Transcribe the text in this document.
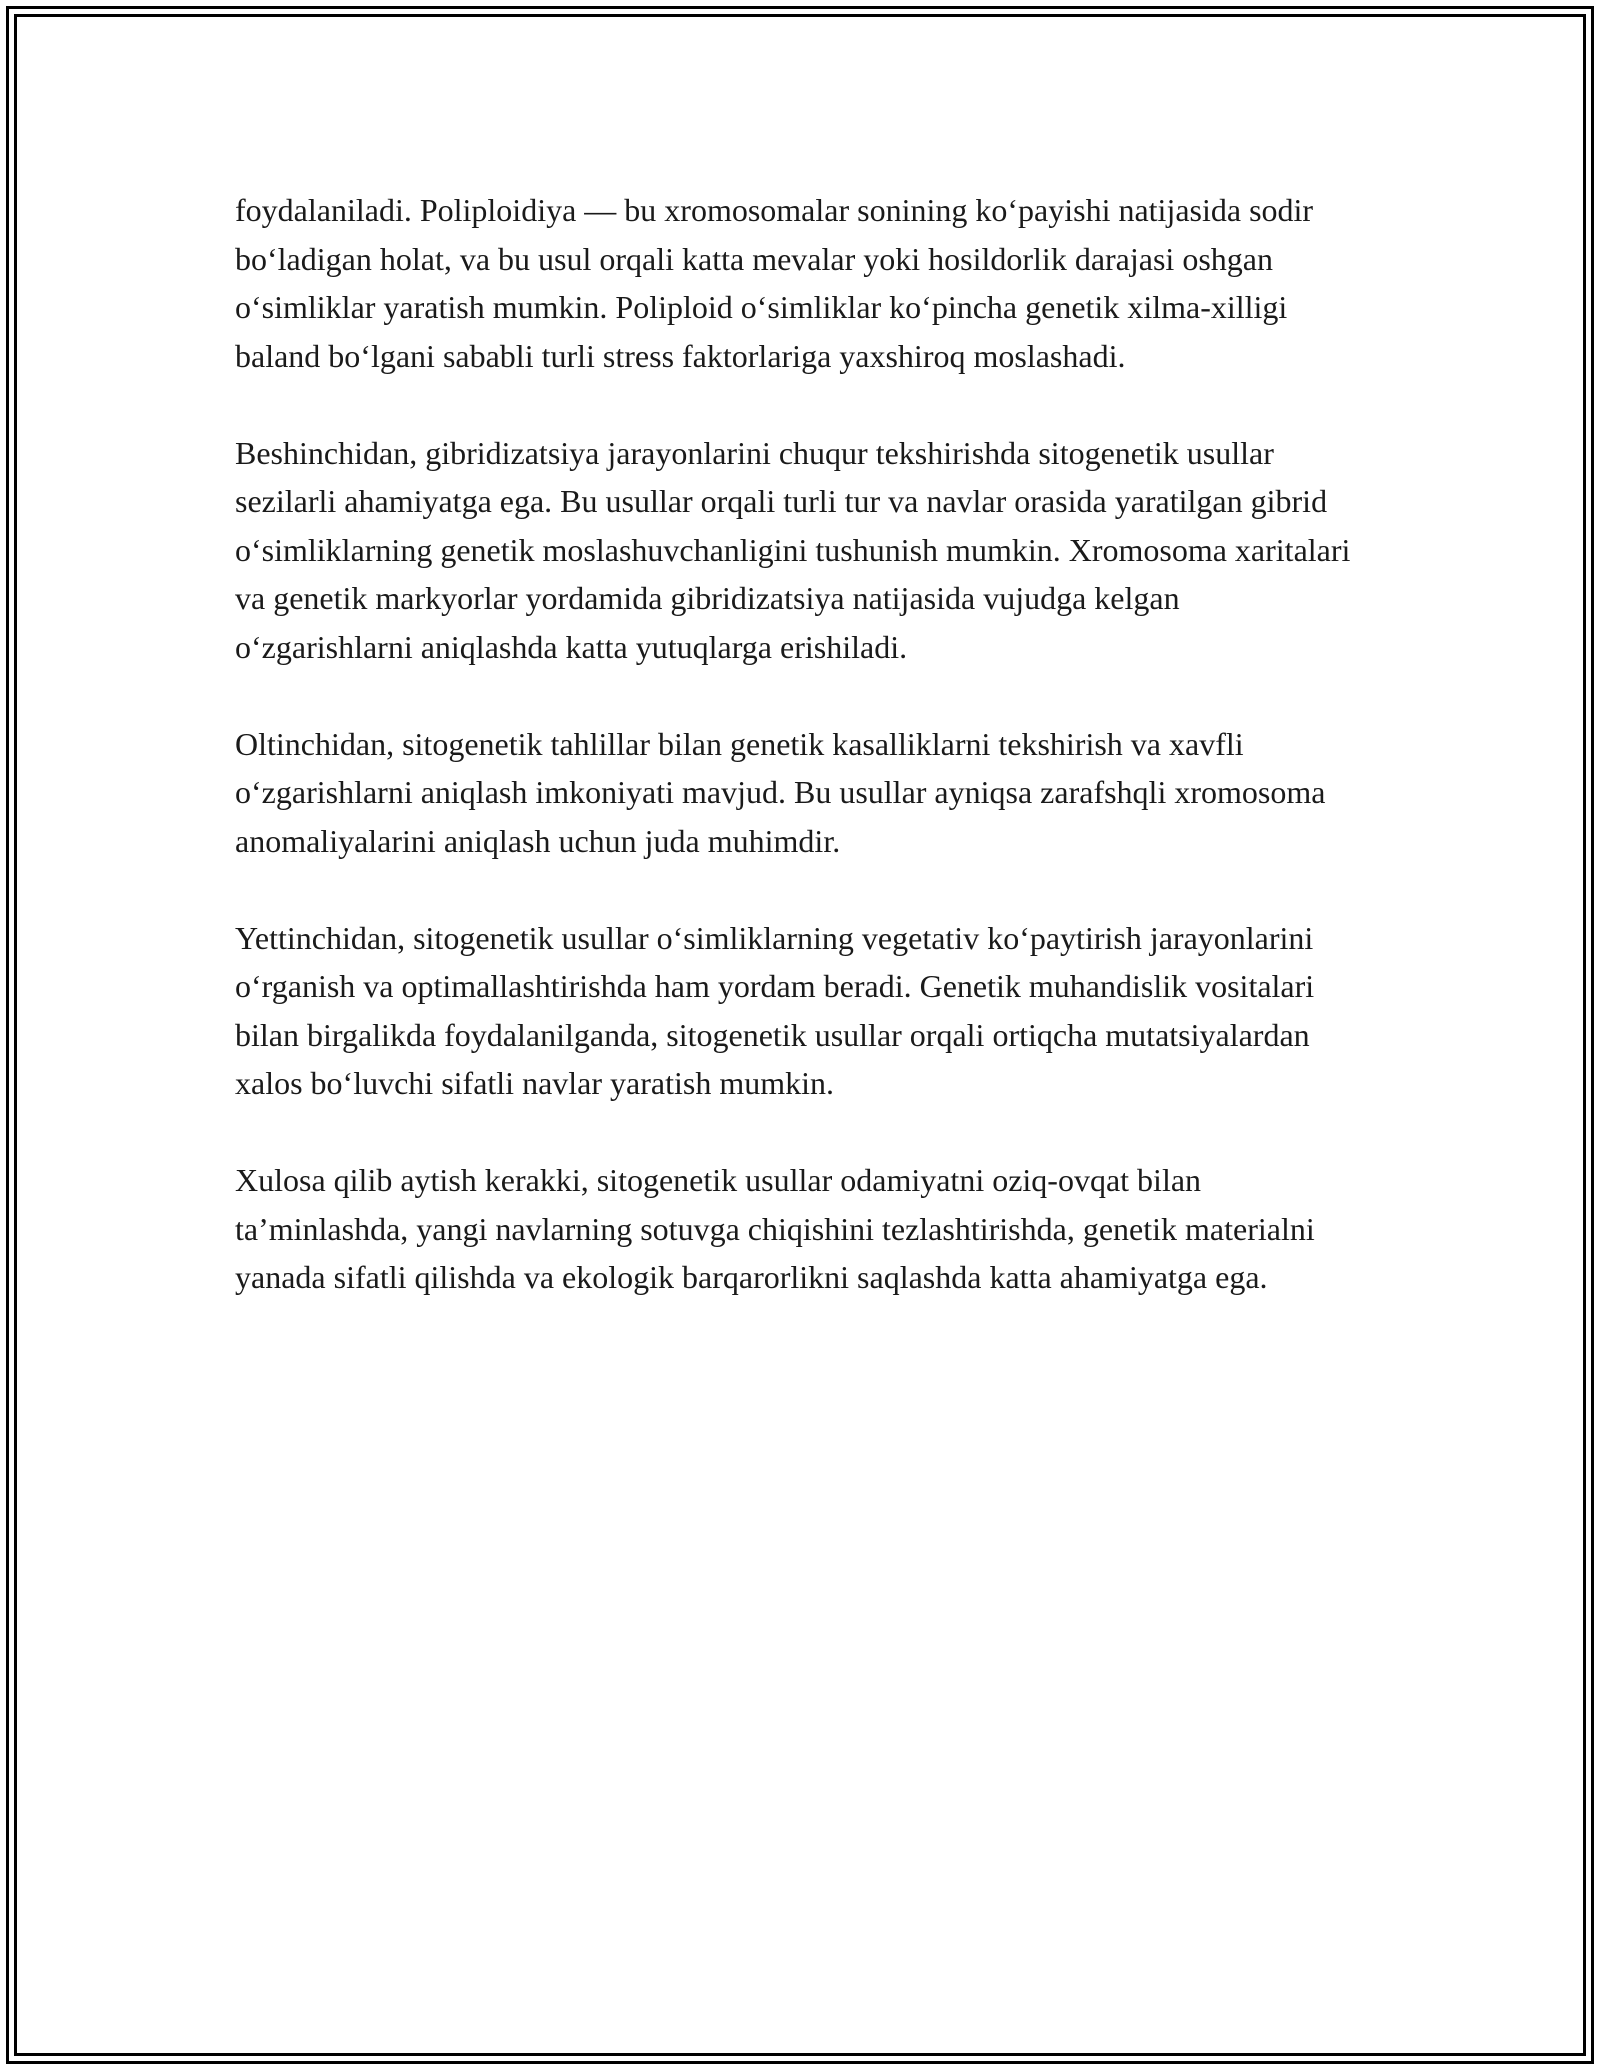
foydalaniladi. Poliploidiya — bu xromosomalar sonining ko‘payishi natijasida sodir bo‘ladigan holat, va bu usul orqali katta mevalar yoki hosildorlik darajasi oshgan o‘simliklar yaratish mumkin. Poliploid o‘simliklar ko‘pincha genetik xilma-xilligi baland bo‘lgani sababli turli stress faktorlariga yaxshiroq moslashadi.

Beshinchidan, gibridizatsiya jarayonlarini chuqur tekshirishda sitogenetik usullar sezilarli ahamiyatga ega. Bu usullar orqali turli tur va navlar orasida yaratilgan gibrid o‘simliklarning genetik moslashuvchanligini tushunish mumkin. Xromosoma xaritalari va genetik markyorlar yordamida gibridizatsiya natijasida vujudga kelgan o‘zgarishlarni aniqlashda katta yutuqlarga erishiladi.

Oltinchidan, sitogenetik tahlillar bilan genetik kasalliklarni tekshirish va xavfli o‘zgarishlarni aniqlash imkoniyati mavjud. Bu usullar ayniqsa zarafshqli xromosoma anomaliyalarini aniqlash uchun juda muhimdir.

Yettinchidan, sitogenetik usullar o‘simliklarning vegetativ ko‘paytirish jarayonlarini o‘rganish va optimallashtirishda ham yordam beradi. Genetik muhandislik vositalari bilan birgalikda foydalanilganda, sitogenetik usullar orqali ortiqcha mutatsiyalardan xalos bo‘luvchi sifatli navlar yaratish mumkin.

Xulosa qilib aytish kerakki, sitogenetik usullar odamiyatni oziq-ovqat bilan ta’minlashda, yangi navlarning sotuvga chiqishini tezlashtirishda, genetik materialni yanada sifatli qilishda va ekologik barqarorlikni saqlashda katta ahamiyatga ega.
